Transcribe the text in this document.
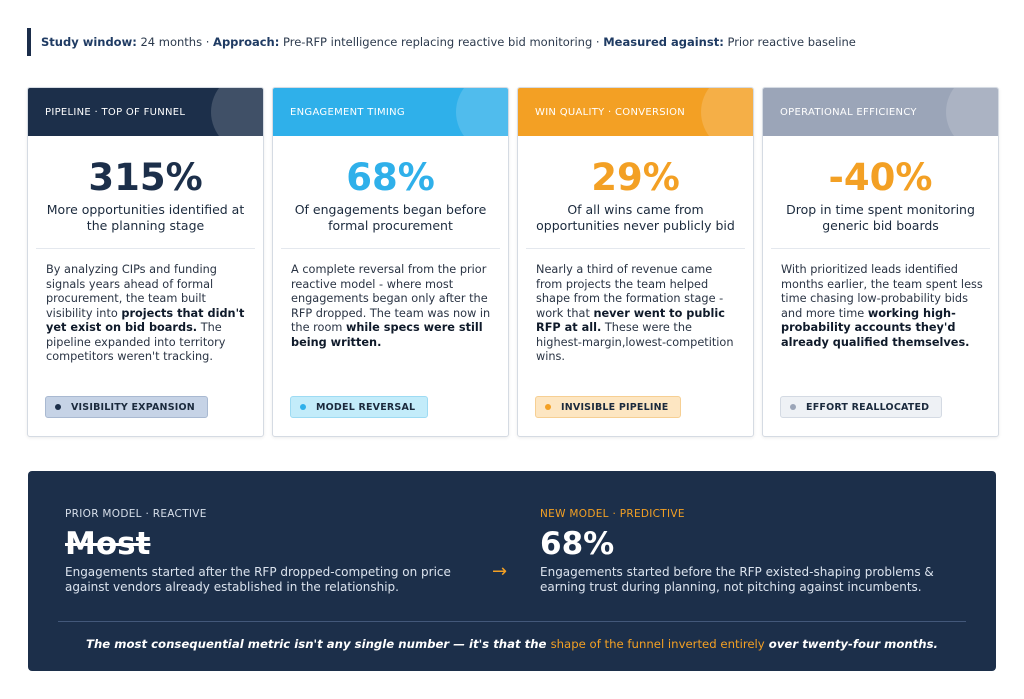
Study window: 24 months · Approach: Pre-RFP intelligence replacing reactive bid monitoring · Measured against: Prior reactive baseline
PIPELINE · TOP OF FUNNEL
315%
More opportunities identified at the planning stage
By analyzing CIPs and funding signals years ahead of formal procurement, the team built visibility into projects that didn't yet exist on bid boards. The pipeline expanded into territory competitors weren't tracking.
VISIBILITY EXPANSION
ENGAGEMENT TIMING
68%
Of engagements began before formal procurement
A complete reversal from the prior reactive model - where most engagements began only after the RFP dropped. The team was now in the room while specs were still being written.
MODEL REVERSAL
WIN QUALITY · CONVERSION
29%
Of all wins came from opportunities never publicly bid
Nearly a third of revenue came from projects the team helped shape from the formation stage - work that never went to public RFP at all. These were the highest-margin,lowest-competition wins.
INVISIBLE PIPELINE
OPERATIONAL EFFICIENCY
-40%
Drop in time spent monitoring generic bid boards
With prioritized leads identified months earlier, the team spent less time chasing low-probability bids and more time working high-probability accounts they'd already qualified themselves.
EFFORT REALLOCATED
PRIOR MODEL · REACTIVE
Most
Engagements started after the RFP dropped-competing on price against vendors already established in the relationship.
→
NEW MODEL · PREDICTIVE
68%
Engagements started before the RFP existed-shaping problems & earning trust during planning, not pitching against incumbents.
The most consequential metric isn't any single number — it's that the shape of the funnel inverted entirely over twenty-four months.
